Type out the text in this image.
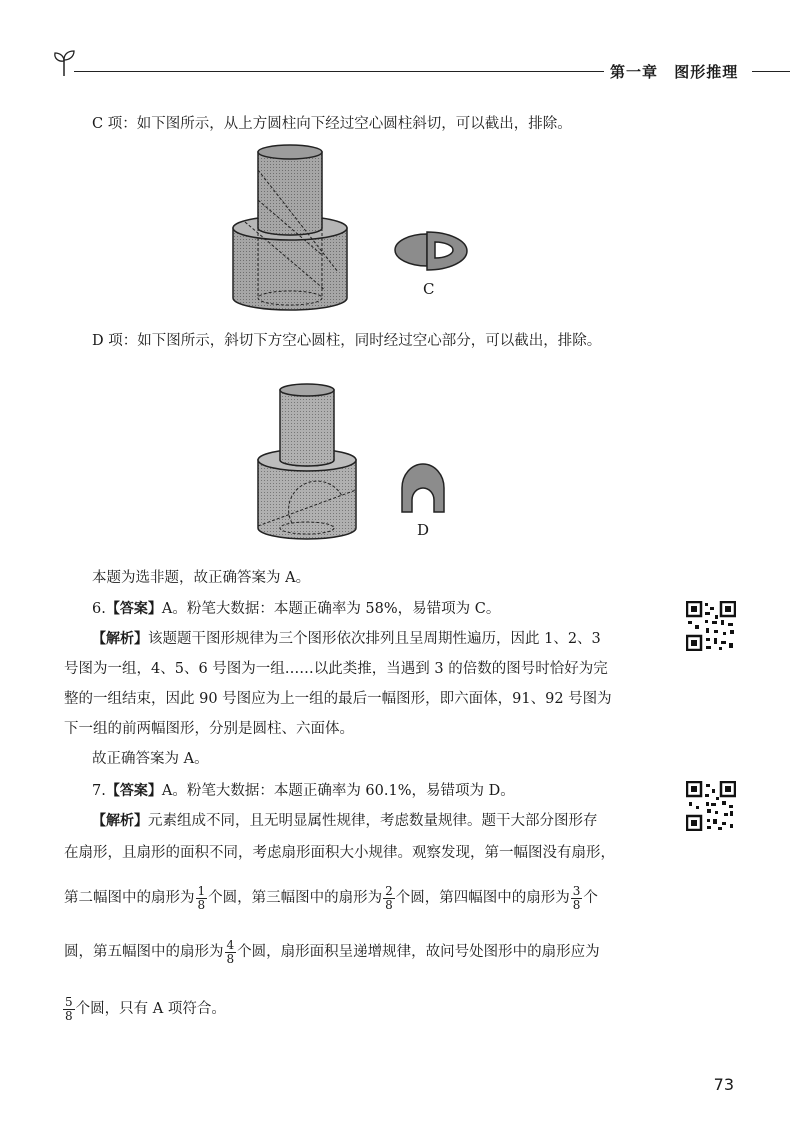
第一章 图形推理
C 项：如下图所示，从上方圆柱向下经过空心圆柱斜切，可以截出，排除。
C
D 项：如下图所示，斜切下方空心圆柱，同时经过空心部分，可以截出，排除。
D
本题为选非题，故正确答案为 A。
6.【答案】A。粉笔大数据：本题正确率为 58%，易错项为 C。
【解析】该题题干图形规律为三个图形依次排列且呈周期性遍历，因此 1、2、3
号图为一组，4、5、6 号图为一组……以此类推，当遇到 3 的倍数的图号时恰好为完
整的一组结束，因此 90 号图应为上一组的最后一幅图形，即六面体，91、92 号图为
下一组的前两幅图形，分别是圆柱、六面体。
故正确答案为 A。
7.【答案】A。粉笔大数据：本题正确率为 60.1%，易错项为 D。
【解析】元素组成不同，且无明显属性规律，考虑数量规律。题干大部分图形存
在扇形，且扇形的面积不同，考虑扇形面积大小规律。观察发现，第一幅图没有扇形，
第二幅图中的扇形为 $\frac{1}{8}$ 个圆，第三幅图中的扇形为 $\frac{2}{8}$ 个圆，第四幅图中的扇形为 $\frac{3}{8}$ 个
圆，第五幅图中的扇形为 $\frac{4}{8}$ 个圆，扇形面积呈递增规律，故问号处图形中的扇形应为
$\frac{5}{8}$ 个圆，只有 A 项符合。
73
